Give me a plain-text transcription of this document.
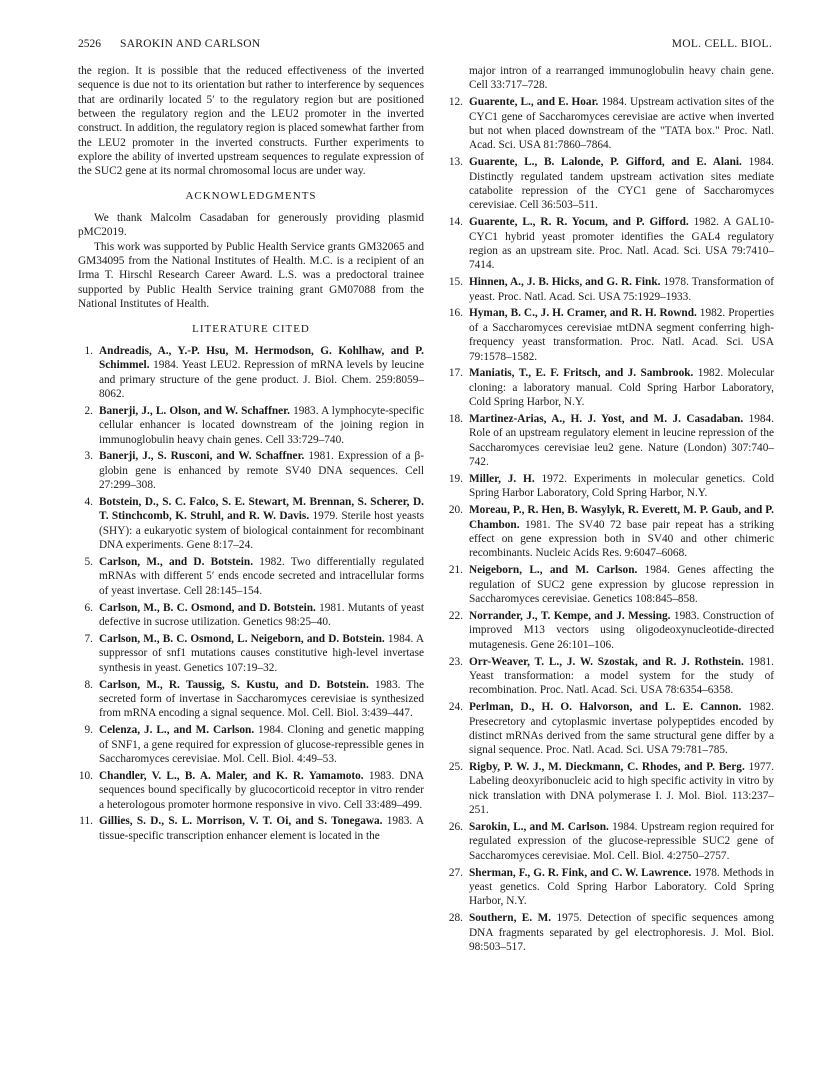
2526 SAROKIN AND CARLSON	MOL. CELL. BIOL.

the region. It is possible that the reduced effectiveness of the inverted sequence is due not to its orientation but rather to interference by sequences that are ordinarily located 5′ to the regulatory region but are positioned between the regulatory region and the LEU2 promoter in the inverted construct. In addition, the regulatory region is placed somewhat farther from the LEU2 promoter in the inverted constructs. Further experiments to explore the ability of inverted upstream sequences to regulate expression of the SUC2 gene at its normal chromosomal locus are under way.

ACKNOWLEDGMENTS

We thank Malcolm Casadaban for generously providing plasmid pMC2019.

This work was supported by Public Health Service grants GM32065 and GM34095 from the National Institutes of Health. M.C. is a recipient of an Irma T. Hirschl Research Career Award. L.S. was a predoctoral trainee supported by Public Health Service training grant GM07088 from the National Institutes of Health.

LITERATURE CITED
1. Andreadis, A., Y.-P. Hsu, M. Hermodson, G. Kohlhaw, and P. Schimmel. 1984. Yeast LEU2. Repression of mRNA levels by leucine and primary structure of the gene product. J. Biol. Chem. 259:8059–8062.
2. Banerji, J., L. Olson, and W. Schaffner. 1983. A lymphocyte-specific cellular enhancer is located downstream of the joining region in immunoglobulin heavy chain genes. Cell 33:729–740.
3. Banerji, J., S. Rusconi, and W. Schaffner. 1981. Expression of a β-globin gene is enhanced by remote SV40 DNA sequences. Cell 27:299–308.
4. Botstein, D., S. C. Falco, S. E. Stewart, M. Brennan, S. Scherer, D. T. Stinchcomb, K. Struhl, and R. W. Davis. 1979. Sterile host yeasts (SHY): a eukaryotic system of biological containment for recombinant DNA experiments. Gene 8:17–24.
5. Carlson, M., and D. Botstein. 1982. Two differentially regulated mRNAs with different 5′ ends encode secreted and intracellular forms of yeast invertase. Cell 28:145–154.
6. Carlson, M., B. C. Osmond, and D. Botstein. 1981. Mutants of yeast defective in sucrose utilization. Genetics 98:25–40.
7. Carlson, M., B. C. Osmond, L. Neigeborn, and D. Botstein. 1984. A suppressor of snf1 mutations causes constitutive high-level invertase synthesis in yeast. Genetics 107:19–32.
8. Carlson, M., R. Taussig, S. Kustu, and D. Botstein. 1983. The secreted form of invertase in Saccharomyces cerevisiae is synthesized from mRNA encoding a signal sequence. Mol. Cell. Biol. 3:439–447.
9. Celenza, J. L., and M. Carlson. 1984. Cloning and genetic mapping of SNF1, a gene required for expression of glucose-repressible genes in Saccharomyces cerevisiae. Mol. Cell. Biol. 4:49–53.
10. Chandler, V. L., B. A. Maler, and K. R. Yamamoto. 1983. DNA sequences bound specifically by glucocorticoid receptor in vitro render a heterologous promoter hormone responsive in vivo. Cell 33:489–499.
11. Gillies, S. D., S. L. Morrison, V. T. Oi, and S. Tonegawa. 1983. A tissue-specific transcription enhancer element is located in the
major intron of a rearranged immunoglobulin heavy chain gene. Cell 33:717–728.
12. Guarente, L., and E. Hoar. 1984. Upstream activation sites of the CYC1 gene of Saccharomyces cerevisiae are active when inverted but not when placed downstream of the "TATA box." Proc. Natl. Acad. Sci. USA 81:7860–7864.
13. Guarente, L., B. Lalonde, P. Gifford, and E. Alani. 1984. Distinctly regulated tandem upstream activation sites mediate catabolite repression of the CYC1 gene of Saccharomyces cerevisiae. Cell 36:503–511.
14. Guarente, L., R. R. Yocum, and P. Gifford. 1982. A GAL10-CYC1 hybrid yeast promoter identifies the GAL4 regulatory region as an upstream site. Proc. Natl. Acad. Sci. USA 79:7410–7414.
15. Hinnen, A., J. B. Hicks, and G. R. Fink. 1978. Transformation of yeast. Proc. Natl. Acad. Sci. USA 75:1929–1933.
16. Hyman, B. C., J. H. Cramer, and R. H. Rownd. 1982. Properties of a Saccharomyces cerevisiae mtDNA segment conferring high-frequency yeast transformation. Proc. Natl. Acad. Sci. USA 79:1578–1582.
17. Maniatis, T., E. F. Fritsch, and J. Sambrook. 1982. Molecular cloning: a laboratory manual. Cold Spring Harbor Laboratory, Cold Spring Harbor, N.Y.
18. Martinez-Arias, A., H. J. Yost, and M. J. Casadaban. 1984. Role of an upstream regulatory element in leucine repression of the Saccharomyces cerevisiae leu2 gene. Nature (London) 307:740–742.
19. Miller, J. H. 1972. Experiments in molecular genetics. Cold Spring Harbor Laboratory, Cold Spring Harbor, N.Y.
20. Moreau, P., R. Hen, B. Wasylyk, R. Everett, M. P. Gaub, and P. Chambon. 1981. The SV40 72 base pair repeat has a striking effect on gene expression both in SV40 and other chimeric recombinants. Nucleic Acids Res. 9:6047–6068.
21. Neigeborn, L., and M. Carlson. 1984. Genes affecting the regulation of SUC2 gene expression by glucose repression in Saccharomyces cerevisiae. Genetics 108:845–858.
22. Norrander, J., T. Kempe, and J. Messing. 1983. Construction of improved M13 vectors using oligodeoxynucleotide-directed mutagenesis. Gene 26:101–106.
23. Orr-Weaver, T. L., J. W. Szostak, and R. J. Rothstein. 1981. Yeast transformation: a model system for the study of recombination. Proc. Natl. Acad. Sci. USA 78:6354–6358.
24. Perlman, D., H. O. Halvorson, and L. E. Cannon. 1982. Presecretory and cytoplasmic invertase polypeptides encoded by distinct mRNAs derived from the same structural gene differ by a signal sequence. Proc. Natl. Acad. Sci. USA 79:781–785.
25. Rigby, P. W. J., M. Dieckmann, C. Rhodes, and P. Berg. 1977. Labeling deoxyribonucleic acid to high specific activity in vitro by nick translation with DNA polymerase I. J. Mol. Biol. 113:237–251.
26. Sarokin, L., and M. Carlson. 1984. Upstream region required for regulated expression of the glucose-repressible SUC2 gene of Saccharomyces cerevisiae. Mol. Cell. Biol. 4:2750–2757.
27. Sherman, F., G. R. Fink, and C. W. Lawrence. 1978. Methods in yeast genetics. Cold Spring Harbor Laboratory. Cold Spring Harbor, N.Y.
28. Southern, E. M. 1975. Detection of specific sequences among DNA fragments separated by gel electrophoresis. J. Mol. Biol. 98:503–517.
